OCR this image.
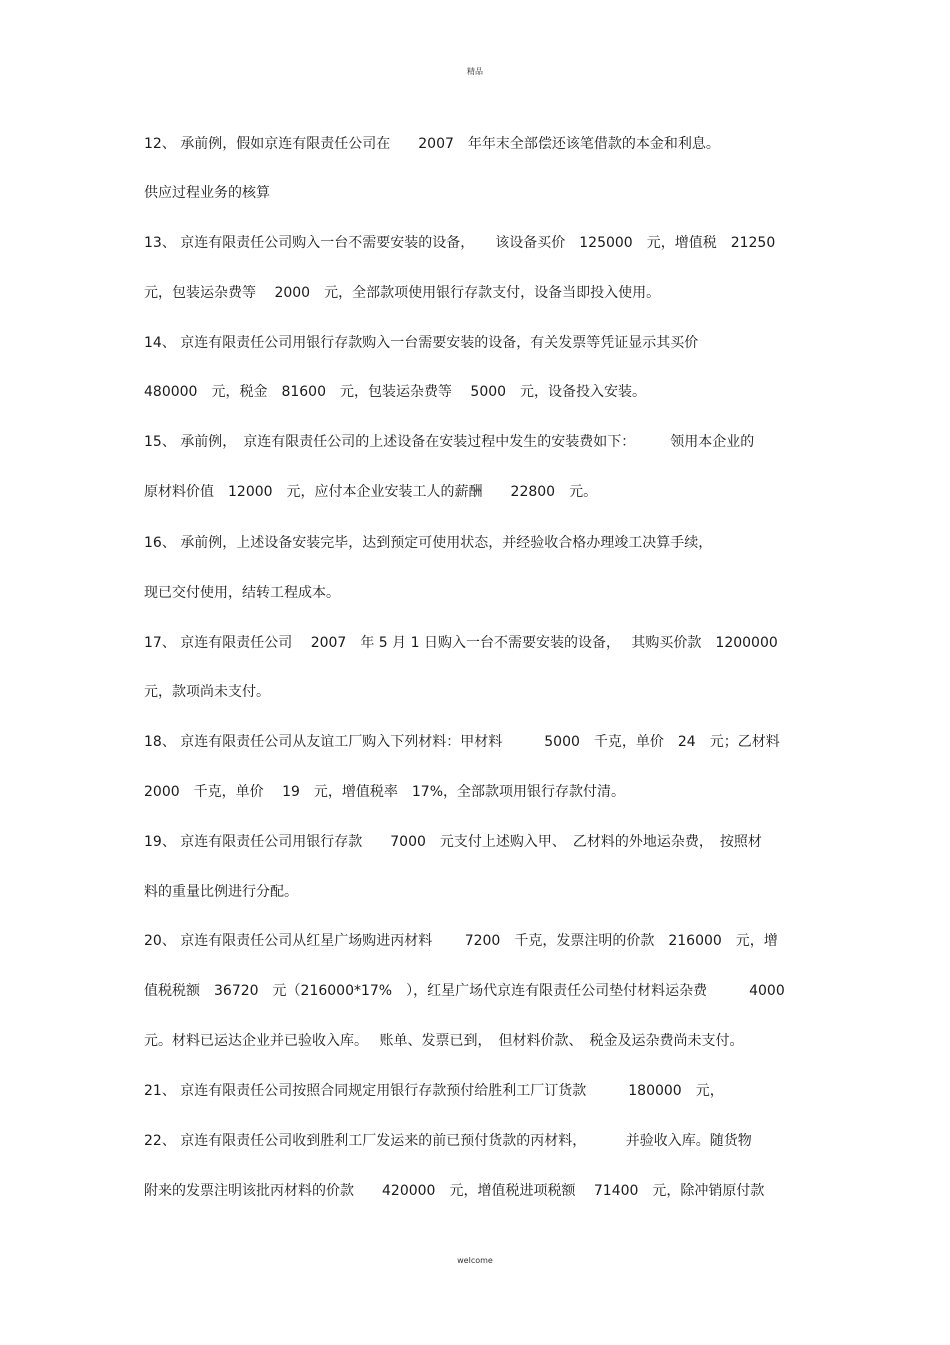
精品
12、 承前例，假如京连有限责任公司在　　2007　年年末全部偿还该笔借款的本金和利息。
供应过程业务的核算
13、 京连有限责任公司购入一台不需要安装的设备，　　该设备买价　125000　元，增值税　21250
元，包装运杂费等　 2000　元，全部款项使用银行存款支付，设备当即投入使用。
14、 京连有限责任公司用银行存款购入一台需要安装的设备，有关发票等凭证显示其买价
480000　元，税金　81600　元，包装运杂费等　 5000　元，设备投入安装。
15、 承前例，　京连有限责任公司的上述设备在安装过程中发生的安装费如下：　　　领用本企业的
原材料价值　12000　元，应付本企业安装工人的薪酬　　22800　元。
16、 承前例，上述设备安装完毕，达到预定可使用状态，并经验收合格办理竣工决算手续，
现已交付使用，结转工程成本。
17、 京连有限责任公司　 2007　年 5 月 1 日购入一台不需要安装的设备，　 其购买价款　1200000
元，款项尚未支付。
18、 京连有限责任公司从友谊工厂购入下列材料：甲材料　　　5000　千克，单价　24　元；乙材料
2000　千克，单价　 19　元，增值税率　17%，全部款项用银行存款付清。
19、 京连有限责任公司用银行存款　　7000　元支付上述购入甲、　乙材料的外地运杂费，　按照材
料的重量比例进行分配。
20、 京连有限责任公司从红星广场购进丙材料　　 7200　千克，发票注明的价款　216000　元，增
值税税额　36720　元（216000*17%　），红星广场代京连有限责任公司垫付材料运杂费　　　4000
元。材料已运达企业并已验收入库。　 账单、发票已到，　但材料价款、　税金及运杂费尚未支付。
21、 京连有限责任公司按照合同规定用银行存款预付给胜利工厂订货款　　　180000　元，
22、 京连有限责任公司收到胜利工厂发运来的前已预付货款的丙材料，　　　 并验收入库。随货物
附来的发票注明该批丙材料的价款　　420000　元，增值税进项税额　 71400　元，除冲销原付款
welcome
